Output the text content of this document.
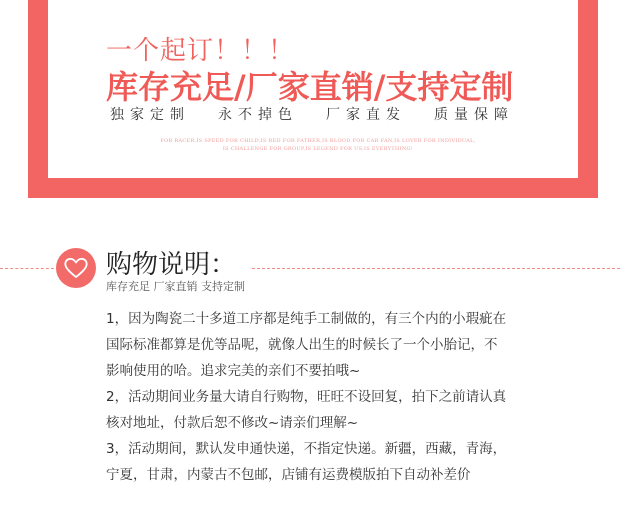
一个起订！！！
库存充足/厂家直销/支持定制
独家定制 永不掉色 厂家直发 质量保障
FOR RACER,IS SPEED FOR CHILD,IS RED FOR FATHER,IS BLOOD FOR CAR FAN,IS LOVER FOR INDIVIDUAL,
IS CHALLENGE FOR GROUP,IS LEGEND FOR US,IS EVERYTHING!
购物说明：
库存充足 厂家直销 支持定制

1，因为陶瓷二十多道工序都是纯手工制做的，有三个内的小瑕疵在

国际标准都算是优等品呢，就像人出生的时候长了一个小胎记，不

影响使用的哈。追求完美的亲们不要拍哦~

2，活动期间业务量大请自行购物，旺旺不设回复，拍下之前请认真

核对地址，付款后恕不修改~请亲们理解~

3，活动期间，默认发申通快递，不指定快递。新疆，西藏，青海，

宁夏，甘肃，内蒙古不包邮，店铺有运费模版拍下自动补差价
